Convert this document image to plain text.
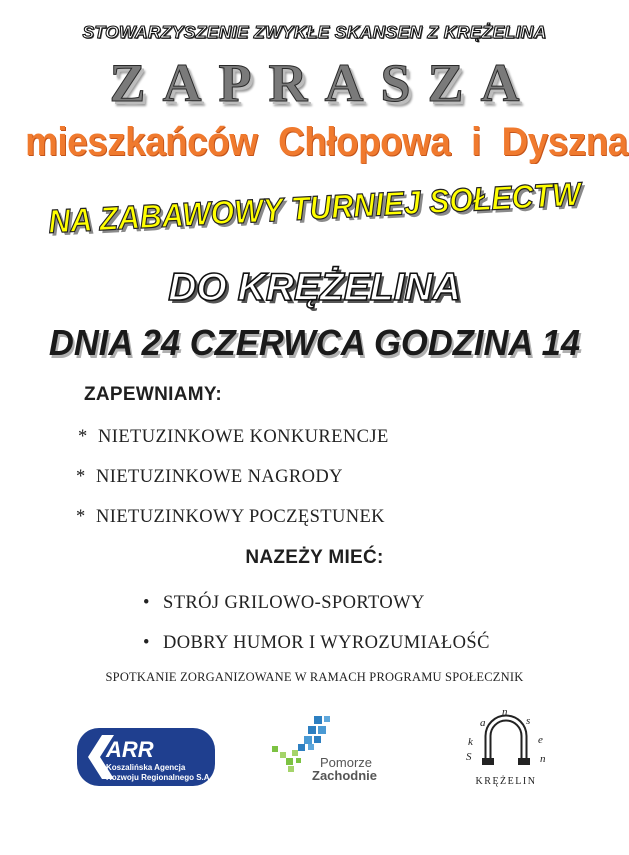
STOWARZYSZENIE ZWYKŁE SKANSEN Z KRĘŻELINA
ZAPRASZA
mieszkańców Chłopowa i Dyszna
NA ZABAWOWY TURNIEJ SOŁECTW
DO KRĘŻELINA
DNIA 24 CZERWCA GODZINA 14
ZAPEWNIAMY:
* NIETUZINKOWE KONKURENCJE
* NIETUZINKOWE NAGRODY
* NIETUZINKOWY POCZĘSTUNEK
NAZEŻY MIEĆ:
• STRÓJ GRILOWO-SPORTOWY
• DOBRY HUMOR I WYROZUMIAŁOŚĆ
SPOTKANIE ZORGANIZOWANE W RAMACH PROGRAMU SPOŁECZNIK
ARR
Koszalińska Agencja
Rozwoju Regionalnego S.A.
Pomorze
Zachodnie
k
a
n
s
e
S	n
KRĘŻELIN
